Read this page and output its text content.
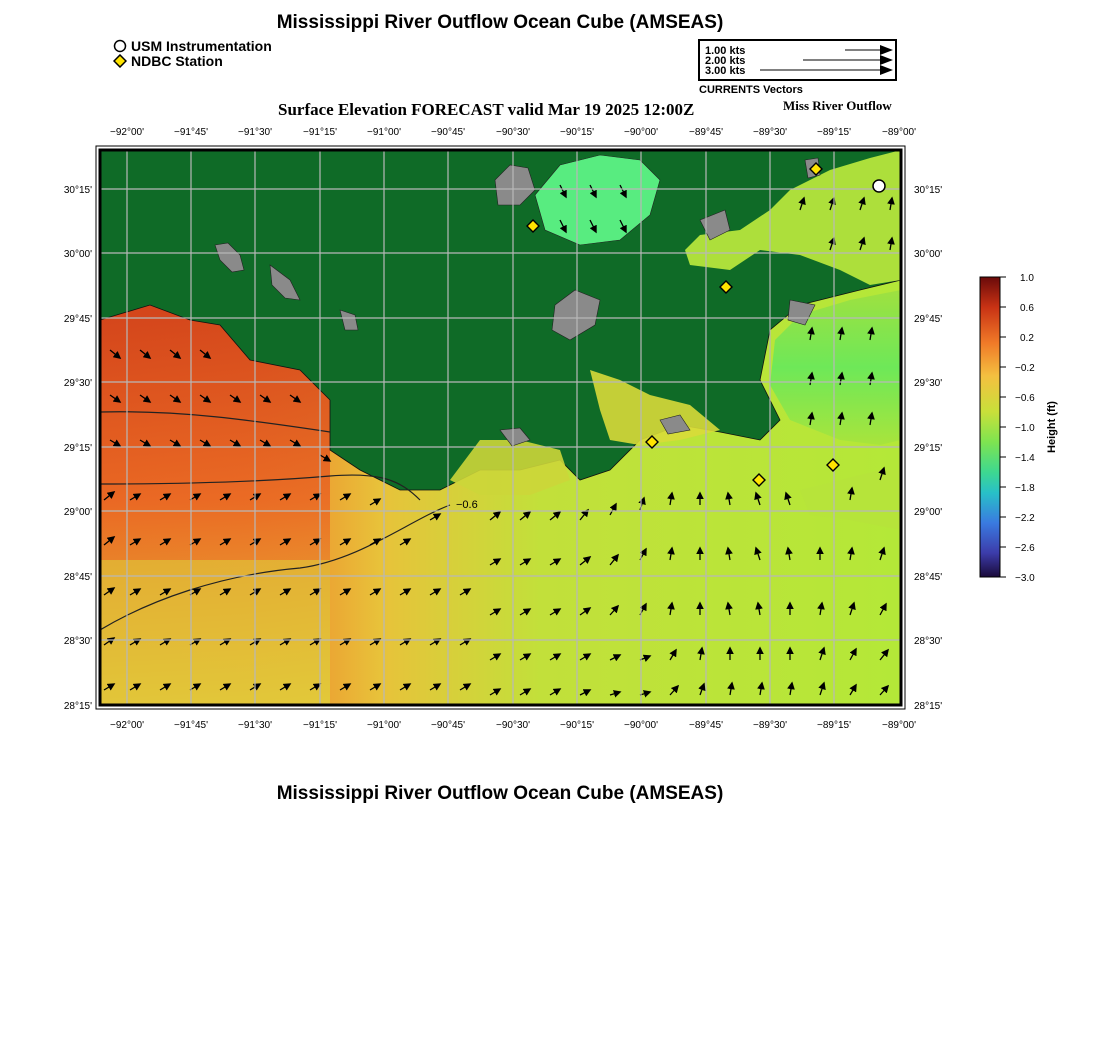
Mississippi River Outflow Ocean Cube (AMSEAS)
USM Instrumentation
NDBC Station
1.00 kts
2.00 kts
3.00 kts
CURRENTS Vectors
Surface Elevation FORECAST valid Mar 19 2025 12:00Z	Miss River Outflow
−0.6
−92°00'	−91°45'	−91°30'	−91°15'	−91°00'	−90°45'	−90°30'	−90°15'	−90°00'	−89°45'	−89°30'	−89°15'	−89°00'
−92°00'	−91°45'	−91°30'	−91°15'	−91°00'	−90°45'	−90°30'	−90°15'	−90°00'	−89°45'	−89°30'	−89°15'	−89°00'
30°15'
30°00'
29°45'
29°30'
29°15'
29°00'
28°45'
28°30'
28°15'
30°15'
30°00'
29°45'
29°30'
29°15'
29°00'
28°45'
28°30'
28°15'
1.0
0.6
0.2
−0.2
−0.6
−1.0
−1.4
−1.8
−2.2
−2.6
−3.0
Height (ft)
Mississippi River Outflow Ocean Cube (AMSEAS)
